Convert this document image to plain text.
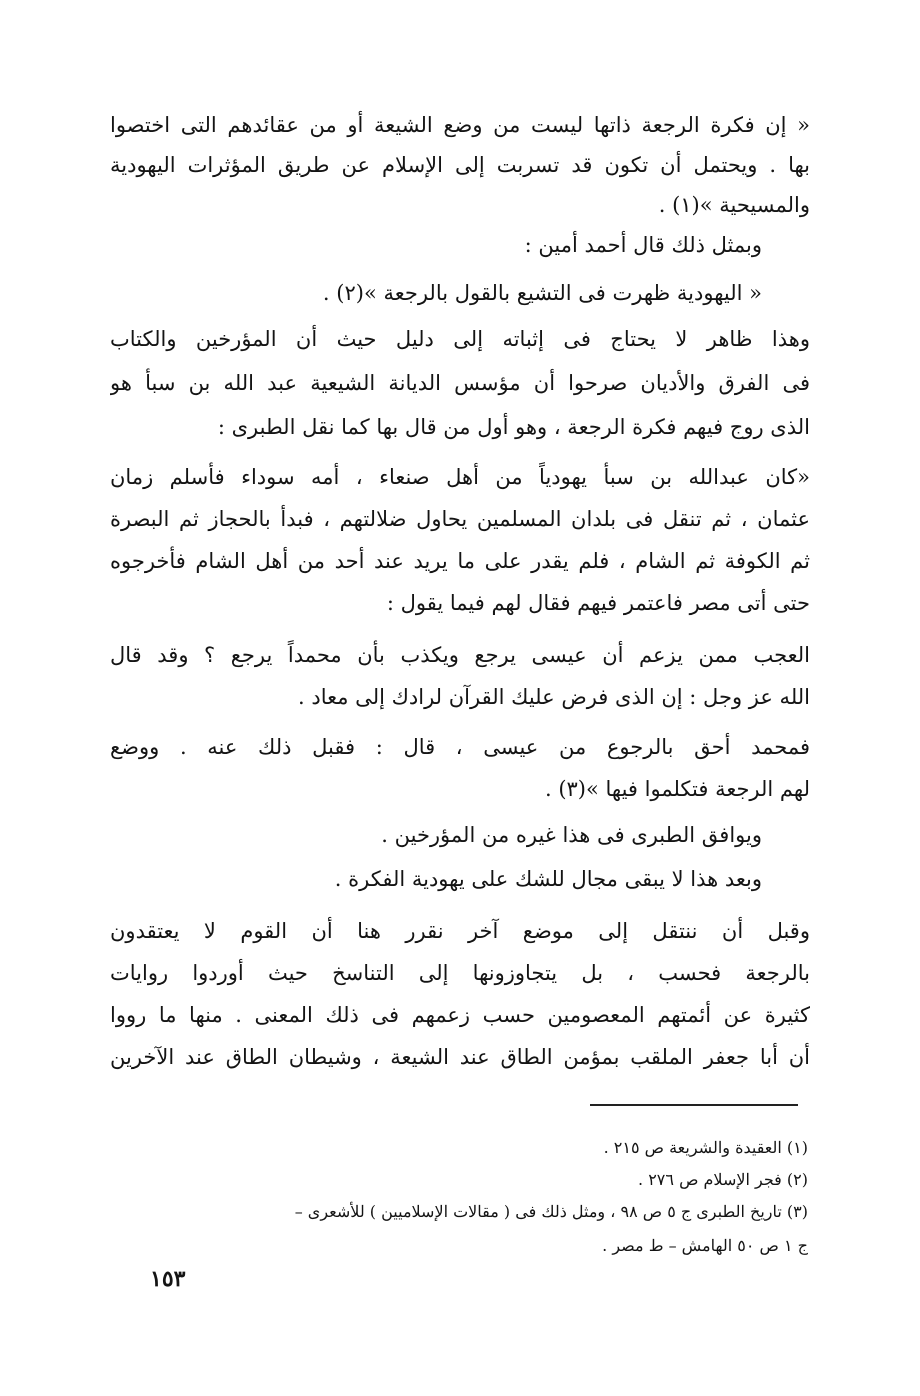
« إن فكرة الرجعة ذاتها ليست من وضع الشيعة أو من عقائدهم التى اختصوا
بها . ويحتمل أن تكون قد تسربت إلى الإسلام عن طريق المؤثرات اليهودية
والمسيحية »(١) .
وبمثل ذلك قال أحمد أمين :
« اليهودية ظهرت فى التشيع بالقول بالرجعة »(٢) .
وهذا ظاهر لا يحتاج فى إثباته إلى دليل حيث أن المؤرخين والكتاب
فى الفرق والأديان صرحوا أن مؤسس الديانة الشيعية عبد الله بن سبأ هو
الذى روج فيهم فكرة الرجعة ، وهو أول من قال بها كما نقل الطبرى :
«كان عبدالله بن سبأ يهودياً من أهل صنعاء ، أمه سوداء فأسلم زمان
عثمان ، ثم تنقل فى بلدان المسلمين يحاول ضلالتهم ، فبدأ بالحجاز ثم البصرة
ثم الكوفة ثم الشام ، فلم يقدر على ما يريد عند أحد من أهل الشام فأخرجوه
حتى أتى مصر فاعتمر فيهم فقال لهم فيما يقول :
العجب ممن يزعم أن عيسى يرجع ويكذب بأن محمداً يرجع ؟ وقد قال
الله عز وجل : إن الذى فرض عليك القرآن لرادك إلى معاد .
فمحمد أحق بالرجوع من عيسى ، قال : فقبل ذلك عنه . ووضع
لهم الرجعة فتكلموا فيها »(٣) .
ويوافق الطبرى فى هذا غيره من المؤرخين .
وبعد هذا لا يبقى مجال للشك على يهودية الفكرة .
وقبل أن ننتقل إلى موضع آخر نقرر هنا أن القوم لا يعتقدون
بالرجعة فحسب ، بل يتجاوزونها إلى التناسخ حيث أوردوا روايات
كثيرة عن أئمتهم المعصومين حسب زعمهم فى ذلك المعنى . منها ما رووا
أن أبا جعفر الملقب بمؤمن الطاق عند الشيعة ، وشيطان الطاق عند الآخرين
(١) العقيدة والشريعة ص ٢١٥ .
(٢) فجر الإسلام ص ٢٧٦ .
(٣) تاريخ الطبرى ج ٥ ص ٩٨ ، ومثل ذلك فى ( مقالات الإسلاميين ) للأشعرى –
ج ١ ص ٥٠ الهامش – ط مصر .
١٥٣
